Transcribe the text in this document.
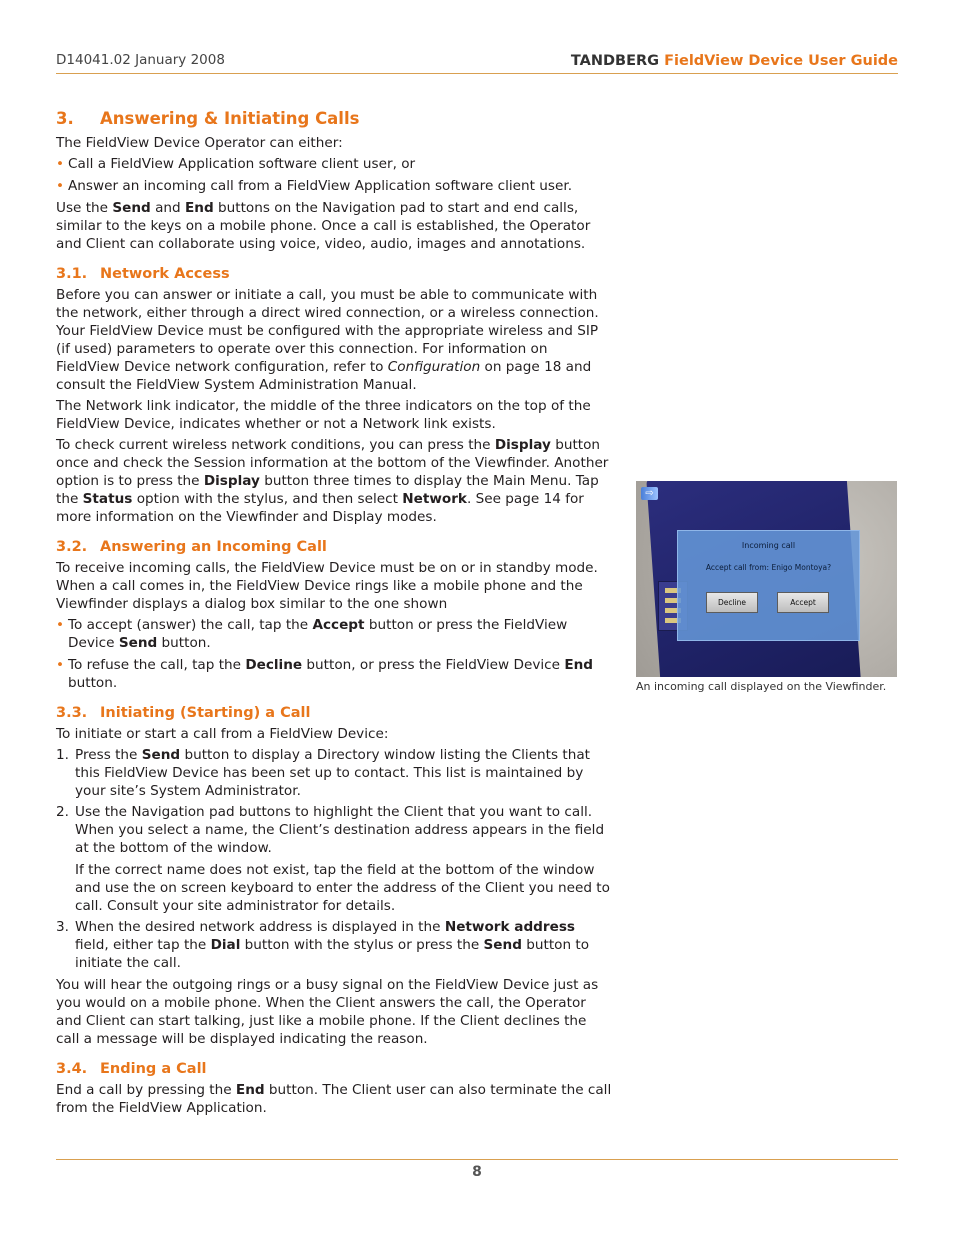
D14041.02 January 2008	TANDBERG FieldView Device User Guide
3. Answering & Initiating Calls

The FieldView Device Operator can either:

• Call a FieldView Application software client user, or
• Answer an incoming call from a FieldView Application software client user.

Use the Send and End buttons on the Navigation pad to start and end calls, similar to the keys on a mobile phone. Once a call is established, the Operator and Client can collaborate using voice, video, audio, images and annotations.

3.1. Network Access

Before you can answer or initiate a call, you must be able to communicate with the network, either through a direct wired connection, or a wireless connection. Your FieldView Device must be configured with the appropriate wireless and SIP (if used) parameters to operate over this connection. For information on FieldView Device network configuration, refer to Configuration on page 18 and consult the FieldView System Administration Manual.

The Network link indicator, the middle of the three indicators on the top of the FieldView Device, indicates whether or not a Network link exists.

To check current wireless network conditions, you can press the Display button once and check the Session information at the bottom of the Viewfinder. Another option is to press the Display button three times to display the Main Menu. Tap the Status option with the stylus, and then select Network. See page 14 for more information on the Viewfinder and Display modes.

3.2. Answering an Incoming Call

To receive incoming calls, the FieldView Device must be on or in standby mode. When a call comes in, the FieldView Device rings like a mobile phone and the Viewfinder displays a dialog box similar to the one shown

• To accept (answer) the call, tap the Accept button or press the FieldView Device Send button.
• To refuse the call, tap the Decline button, or press the FieldView Device End button.
3.3. Initiating (Starting) a Call

To initiate or start a call from a FieldView Device:

1. Press the Send button to display a Directory window listing the Clients that this FieldView Device has been set up to contact. This list is maintained by your site’s System Administrator.
2. Use the Navigation pad buttons to highlight the Client that you want to call. When you select a name, the Client’s destination address appears in the field at the bottom of the window.

If the correct name does not exist, tap the field at the bottom of the window and use the on screen keyboard to enter the address of the Client you need to call. Consult your site administrator for details.

3. When the desired network address is displayed in the Network address field, either tap the Dial button with the stylus or press the Send button to initiate the call.

You will hear the outgoing rings or a busy signal on the FieldView Device just as you would on a mobile phone. When the Client answers the call, the Operator and Client can start talking, just like a mobile phone. If the Client declines the call a message will be displayed indicating the reason.

3.4. Ending a Call

End a call by pressing the End button. The Client user can also terminate the call from the FieldView Application.

⇨
Incoming call
Accept call from: Enigo Montoya?
Decline	Accept
An incoming call displayed on the Viewfinder.
8
